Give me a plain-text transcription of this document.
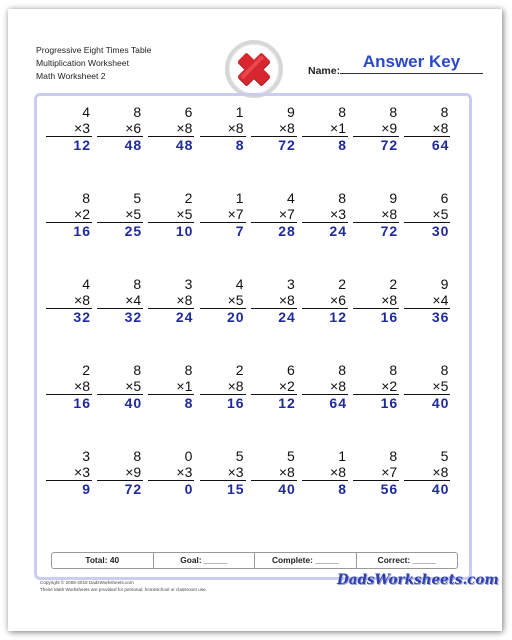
Progressive Eight Times Table
Multiplication Worksheet
Math Worksheet 2	Name:	Answer Key
4
×3
12
8
×6
48
6
×8
48
1
×8
8
9
×8
72
8
×1
8
8
×9
72
8
×8
64
8
×2
16
5
×5
25
2
×5
10
1
×7
7
4
×7
28
8
×3
24
9
×8
72
6
×5
30
4
×8
32
8
×4
32
3
×8
24
4
×5
20
3
×8
24
2
×6
12
2
×8
16
9
×4
36
2
×8
16
8
×5
40
8
×1
8
2
×8
16
6
×2
12
8
×8
64
8
×2
16
8
×5
40
3
×3
9
8
×9
72
0
×3
0
5
×3
15
5
×8
40
1
×8
8
8
×7
56
5
×8
40
Total: 40	Goal: _____	Complete: _____	Correct: _____
Copyright © 2008-2018 DadsWorksheets.com
These Math Worksheets are provided for personal, homeschool or classroom use.
DadsWorksheets.com
